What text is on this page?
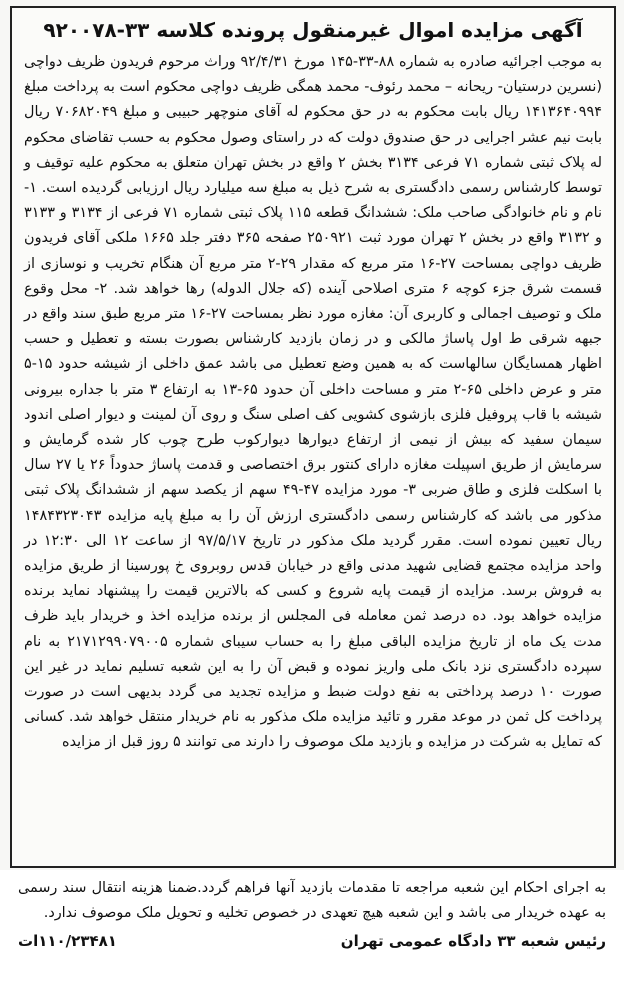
آگهی مزایده اموال غیرمنقول پرونده کلاسه ۳۳-۹۲۰۰۷۸

به موجب اجرائیه صادره به شماره ۸۸-۳۳-۱۴۵ مورخ ۹۲/۴/۳۱ وراث مرحوم فریدون ظریف دواچی (نسرین درستیان- ریحانه – محمد رئوف- محمد همگی ظریف دواچی محکوم است به پرداخت مبلغ ۱۴۱۳۶۴۰۹۹۴ ریال بابت محکوم به در حق محکوم له آقای منوچهر حبیبی و مبلغ ۷۰۶۸۲۰۴۹ ریال بابت نیم عشر اجرایی در حق صندوق دولت که در راستای وصول محکوم به حسب تقاضای محکوم له پلاک ثبتی شماره ۷۱ فرعی ۳۱۳۴ بخش ۲ واقع در بخش تهران متعلق به محکوم علیه توقیف و توسط کارشناس رسمی دادگستری به شرح ذیل به مبلغ سه میلیارد ریال ارزیابی گردیده است. ۱- نام و نام خانوادگی صاحب ملک: ششدانگ قطعه ۱۱۵ پلاک ثبتی شماره ۷۱ فرعی از ۳۱۳۴ و ۳۱۳۳ و ۳۱۳۲ واقع در بخش ۲ تهران مورد ثبت ۲۵۰۹۲۱ صفحه ۳۶۵ دفتر جلد ۱۶۶۵ ملکی آقای فریدون ظریف دواچی بمساحت ۲۷-۱۶ متر مربع که مقدار ۲۹-۲ متر مربع آن هنگام تخریب و نوسازی از قسمت شرق جزء کوچه ۶ متری اصلاحی آینده (که جلال الدوله) رها خواهد شد. ۲- محل وقوع ملک و توصیف اجمالی و کاربری آن: مغازه مورد نظر بمساحت ۲۷-۱۶ متر مربع طبق سند واقع در جبهه شرقی ط اول پاساژ مالکی و در زمان بازدید کارشناس بصورت بسته و تعطیل و حسب اظهار همسایگان سالهاست که به همین وضع تعطیل می باشد عمق داخلی از شیشه حدود ۱۵-۵ متر و عرض داخلی ۶۵-۲ متر و مساحت داخلی آن حدود ۶۵-۱۳ به ارتفاع ۳ متر با جداره بیرونی شیشه با قاب پروفیل فلزی بازشوی کشویی کف اصلی سنگ و روی آن لمینت و دیوار اصلی اندود سیمان سفید که بیش از نیمی از ارتفاع دیوارها دیوارکوب طرح چوب کار شده گرمایش و سرمایش از طریق اسپیلت مغازه دارای کنتور برق اختصاصی و قدمت پاساژ حدوداً ۲۶ یا ۲۷ سال با اسکلت فلزی و طاق ضربی ۳- مورد مزایده ۴۷-۴۹ سهم از یکصد سهم از ششدانگ پلاک ثبتی مذکور می باشد که کارشناس رسمی دادگستری ارزش آن را به مبلغ پایه مزایده ۱۴۸۴۳۲۳۰۴۳ ریال تعیین نموده است. مقرر گردید ملک مذکور در تاریخ ۹۷/۵/۱۷ از ساعت ۱۲ الی ۱۲:۳۰ در واحد مزایده مجتمع قضایی شهید مدنی واقع در خیابان قدس روبروی خ پورسینا از طریق مزایده به فروش برسد. مزایده از قیمت پایه شروع و کسی که بالاترین قیمت را پیشنهاد نماید برنده مزایده خواهد بود. ده درصد ثمن معامله فی المجلس از برنده مزایده اخذ و خریدار باید ظرف مدت یک ماه از تاریخ مزایده الباقی مبلغ را به حساب سیبای شماره ۲۱۷۱۲۹۹۰۷۹۰۰۵ به نام سپرده دادگستری نزد بانک ملی واریز نموده و قبض آن را به این شعبه تسلیم نماید در غیر این صورت ۱۰ درصد پرداختی به نفع دولت ضبط و مزایده تجدید می گردد بدیهی است در صورت پرداخت کل ثمن در موعد مقرر و تائید مزایده ملک مذکور به نام خریدار منتقل خواهد شد. کسانی که تمایل به شرکت در مزایده و بازدید ملک موصوف را دارند می توانند ۵ روز قبل از مزایده

به اجرای احکام این شعبه مراجعه تا مقدمات بازدید آنها فراهم گردد.ضمنا هزینه انتقال سند رسمی به عهده خریدار می باشد و این شعبه هیچ تعهدی در خصوص تخلیه و تحویل ملک موصوف ندارد.

رئیس شعبه ۳۳ دادگاه عمومی تهران
۱۱۰/۲۳۴۸۱ات
